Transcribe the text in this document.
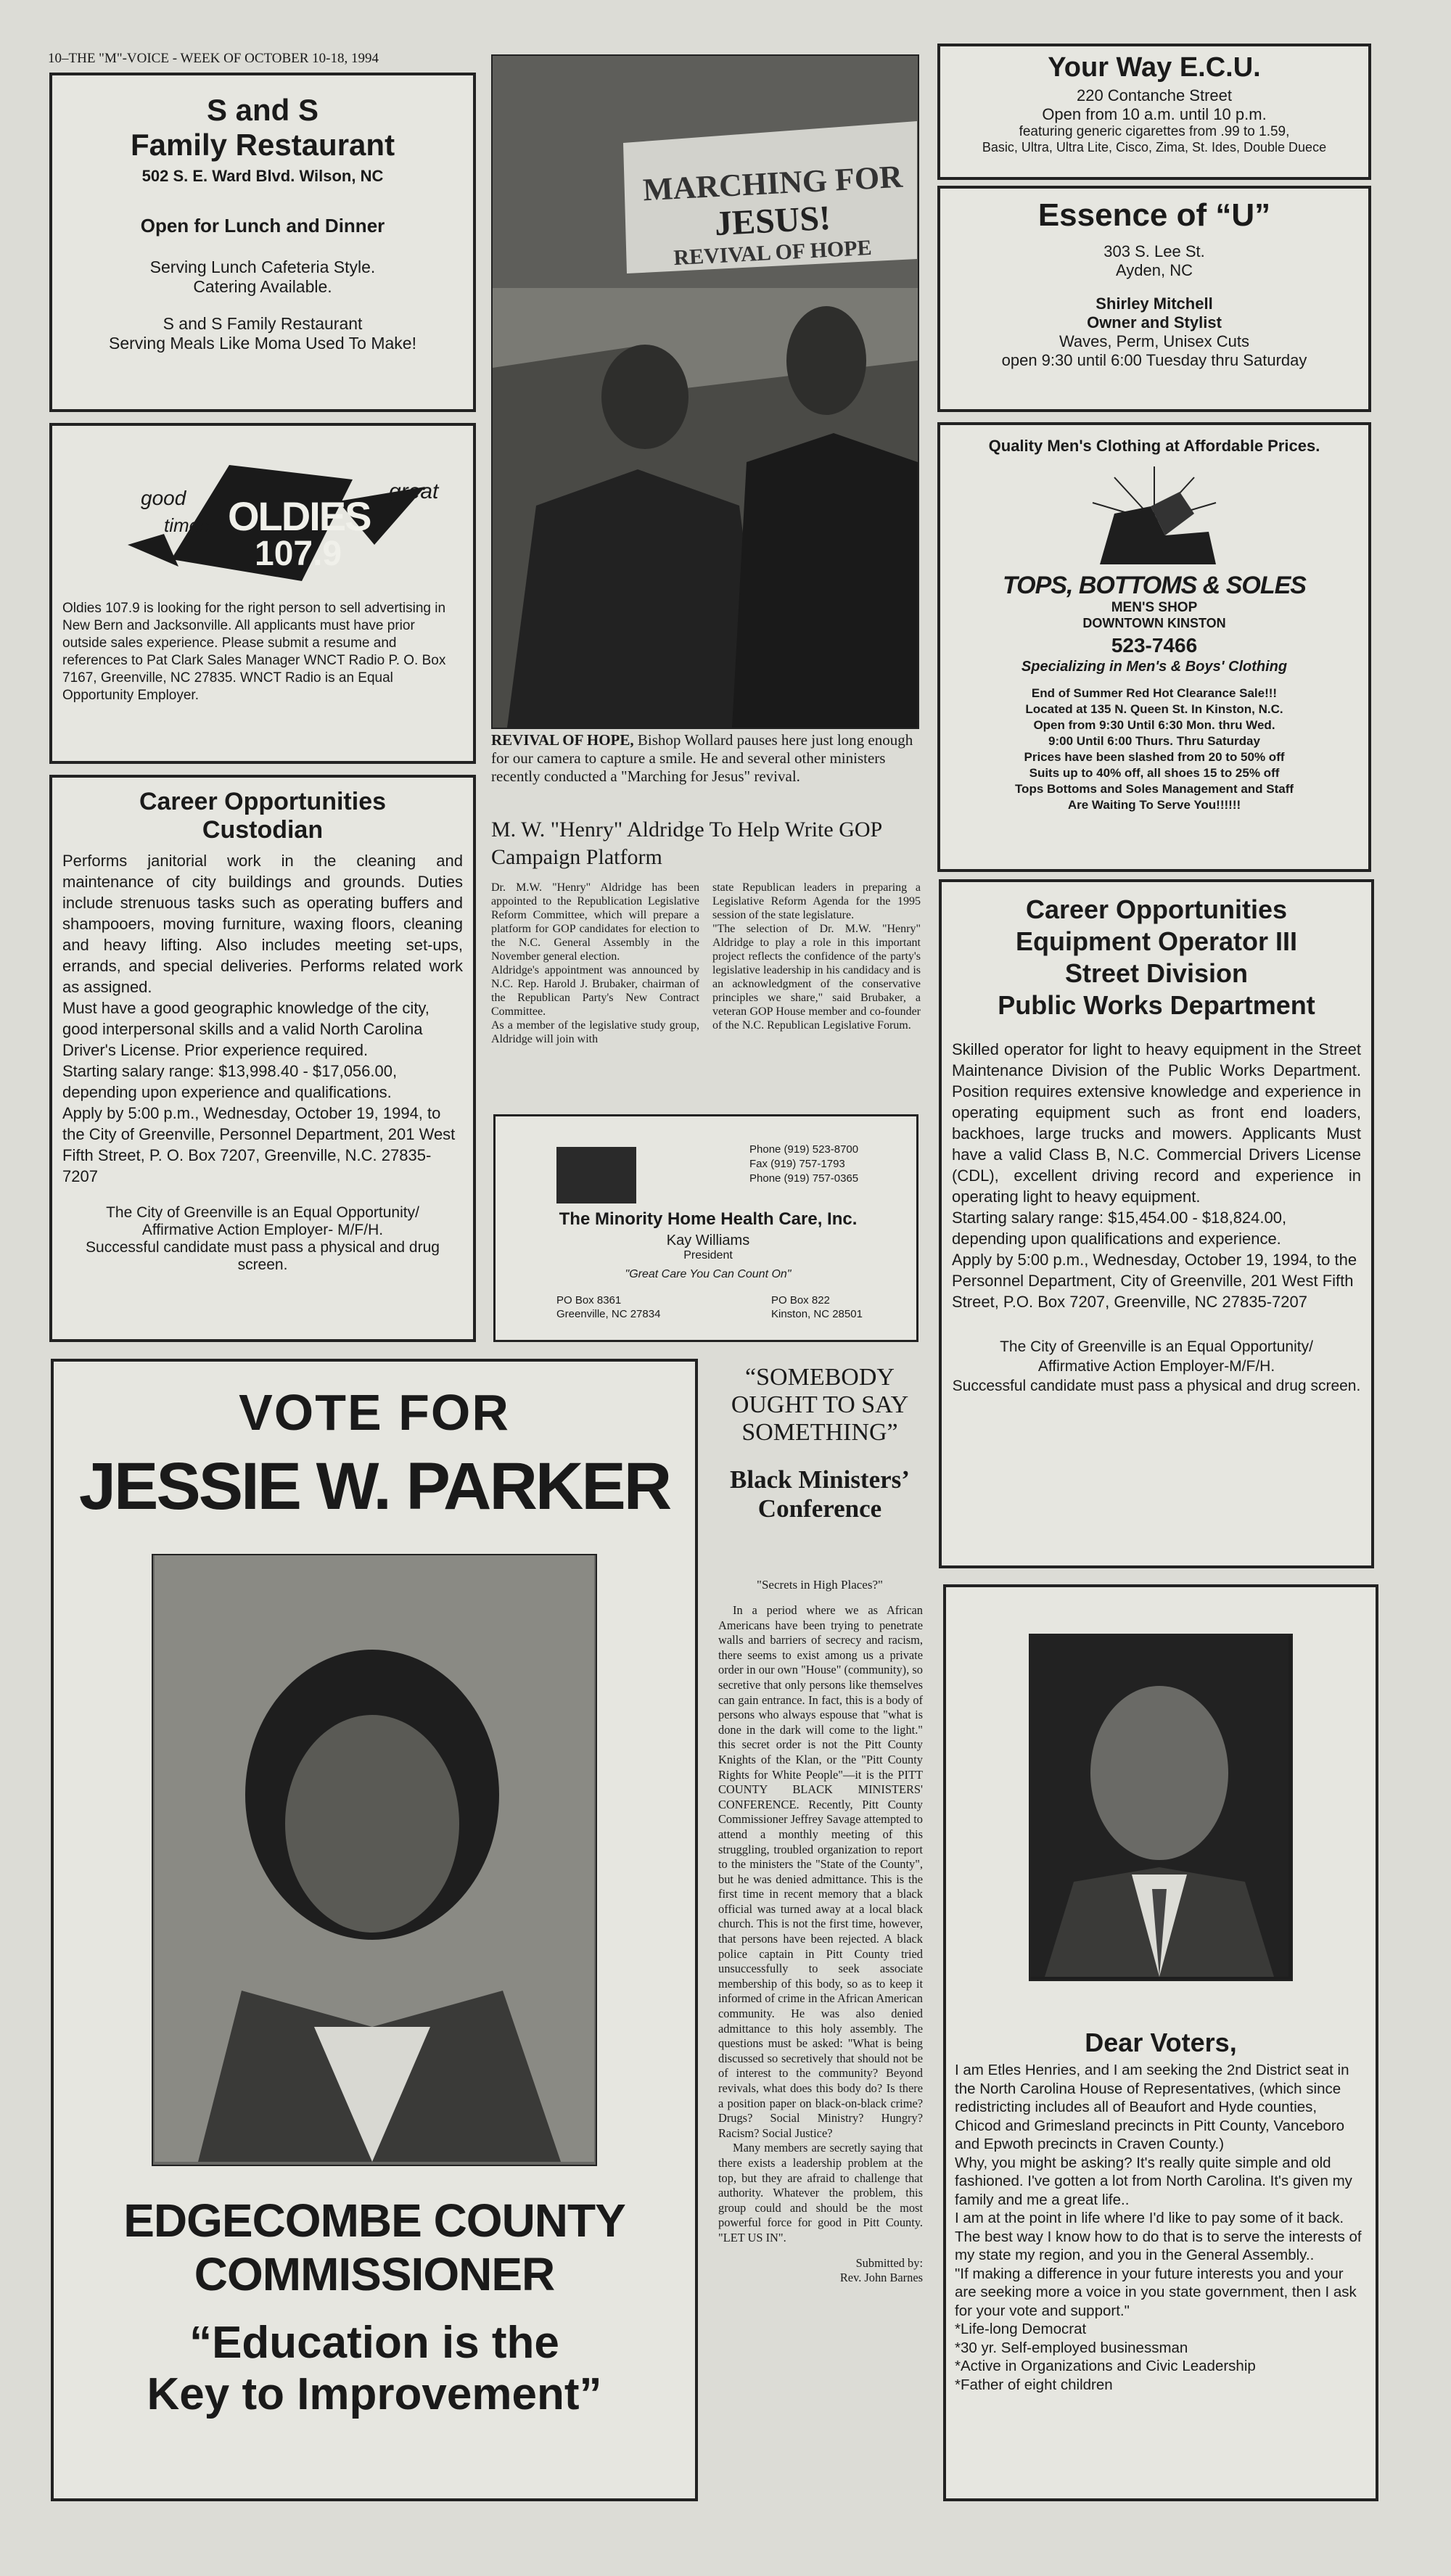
10–THE "M"-VOICE - WEEK OF OCTOBER 10-18, 1994
S and S
Family Restaurant
502 S. E. Ward Blvd. Wilson, NC
Open for Lunch and Dinner
Serving Lunch Cafeteria Style.
Catering Available.
S and S Family Restaurant
Serving Meals Like Moma Used To Make!
good
times OLDIES
great
107.9

Oldies 107.9 is looking for the right person to sell advertising in New Bern and Jacksonville. All applicants must have prior outside sales experience. Please submit a resume and references to Pat Clark Sales Manager WNCT Radio P. O. Box 7167, Greenville, NC 27835. WNCT Radio is an Equal Opportunity Employer.

Career Opportunities
Custodian

Performs janitorial work in the cleaning and maintenance of city buildings and grounds. Duties include strenuous tasks such as operating buffers and shampooers, moving furniture, waxing floors, cleaning and heavy lifting. Also includes meeting set-ups, errands, and special deliveries. Performs related work as assigned.

Must have a good geographic knowledge of the city, good interpersonal skills and a valid North Carolina Driver's License. Prior experience required.

Starting salary range: $13,998.40 - $17,056.00, depending upon experience and qualifications.

Apply by 5:00 p.m., Wednesday, October 19, 1994, to the City of Greenville, Personnel Department, 201 West Fifth Street, P. O. Box 7207, Greenville, N.C. 27835-7207

The City of Greenville is an Equal Opportunity/
Affirmative Action Employer- M/F/H.
Successful candidate must pass a physical and drug screen.
VOTE FOR
JESSIE W. PARKER
EDGECOMBE COUNTY
COMMISSIONER
“Education is the
Key to Improvement”
MARCHING FOR
JESUS!
REVIVAL OF HOPE
REVIVAL OF HOPE, Bishop Wollard pauses here just long enough for our camera to capture a smile. He and several other ministers recently conducted a "Marching for Jesus" revival.
M. W. "Henry" Aldridge To Help Write GOP Campaign Platform

Dr. M.W. "Henry" Aldridge has been appointed to the Republication Legislative Reform Committee, which will prepare a platform for GOP candidates for election to the N.C. General Assembly in the November general election.
Aldridge's appointment was announced by N.C. Rep. Harold J. Brubaker, chairman of the Republican Party's New Contract Committee.
As a member of the legislative study group, Aldridge will join with

state Republican leaders in preparing a Legislative Reform Agenda for the 1995 session of the state legislature.
"The selection of Dr. M.W. "Henry" Aldridge to play a role in this important project reflects the confidence of the party's legislative leadership in his candidacy and is an acknowledgment of the conservative principles we share," said Brubaker, a veteran GOP House member and co-founder of the N.C. Republican Legislative Forum.

Phone (919) 523-8700
Fax (919) 757-1793
Phone (919) 757-0365
The Minority Home Health Care, Inc.
Kay Williams
President
"Great Care You Can Count On"
PO Box 8361
Greenville, NC 27834
PO Box 822
Kinston, NC 28501
“SOMEBODY OUGHT TO SAY SOMETHING”
Black Ministers’ Conference
"Secrets in High Places?"

In a period where we as African Americans have been trying to penetrate walls and barriers of secrecy and racism, there seems to exist among us a private order in our own "House" (community), so secretive that only persons like themselves can gain entrance. In fact, this is a body of persons who always espouse that "what is done in the dark will come to the light." this secret order is not the Pitt County Knights of the Klan, or the "Pitt County Rights for White People"—it is the PITT COUNTY BLACK MINISTERS' CONFERENCE. Recently, Pitt County Commissioner Jeffrey Savage attempted to attend a monthly meeting of this struggling, troubled organization to report to the ministers the "State of the County", but he was denied admittance. This is the first time in recent memory that a black official was turned away at a local black church. This is not the first time, however, that persons have been rejected. A black police captain in Pitt County tried unsuccessfully to seek associate membership of this body, so as to keep it informed of crime in the African American community. He was also denied admittance to this holy assembly. The questions must be asked: "What is being discussed so secretively that should not be of interest to the community? Beyond revivals, what does this body do? Is there a position paper on black-on-black crime? Drugs? Social Ministry? Hungry? Racism? Social Justice?

Many members are secretly saying that there exists a leadership problem at the top, but they are afraid to challenge that authority. Whatever the problem, this group could and should be the most powerful force for good in Pitt County. "LET US IN".

Submitted by:
Rev. John Barnes
Your Way E.C.U.
220 Contanche Street
Open from 10 a.m. until 10 p.m.
featuring generic cigarettes from .99 to 1.59,
Basic, Ultra, Ultra Lite, Cisco, Zima, St. Ides, Double Duece
Essence of “U”
303 S. Lee St.
Ayden, NC
Shirley Mitchell
Owner and Stylist
Waves, Perm, Unisex Cuts
open 9:30 until 6:00 Tuesday thru Saturday
Quality Men's Clothing at Affordable Prices.
TOPS, BOTTOMS & SOLES
MEN'S SHOP
DOWNTOWN KINSTON
523-7466
Specializing in Men's & Boys' Clothing
End of Summer Red Hot Clearance Sale!!!
Located at 135 N. Queen St. In Kinston, N.C.
Open from 9:30 Until 6:30 Mon. thru Wed.
9:00 Until 6:00 Thurs. Thru Saturday
Prices have been slashed from 20 to 50% off
Suits up to 40% off, all shoes 15 to 25% off
Tops Bottoms and Soles Management and Staff
Are Waiting To Serve You!!!!!!
Career Opportunities
Equipment Operator III
Street Division
Public Works Department

Skilled operator for light to heavy equipment in the Street Maintenance Division of the Public Works Department. Position requires extensive knowledge and experience in operating equipment such as front end loaders, backhoes, large trucks and mowers. Applicants Must have a valid Class B, N.C. Commercial Drivers License (CDL), excellent driving record and experience in operating light to heavy equipment.

Starting salary range: $15,454.00 - $18,824.00, depending upon qualifications and experience.

Apply by 5:00 p.m., Wednesday, October 19, 1994, to the Personnel Department, City of Greenville, 201 West Fifth Street, P.O. Box 7207, Greenville, NC 27835-7207

The City of Greenville is an Equal Opportunity/
Affirmative Action Employer-M/F/H.
Successful candidate must pass a physical and drug screen.
Dear Voters,

I am Etles Henries, and I am seeking the 2nd District seat in the North Carolina House of Representatives, (which since redistricting includes all of Beaufort and Hyde counties, Chicod and Grimesland precincts in Pitt County, Vanceboro and Epwoth precincts in Craven County.)

Why, you might be asking? It's really quite simple and old fashioned. I've gotten a lot from North Carolina. It's given my family and me a great life..

I am at the point in life where I'd like to pay some of it back. The best way I know how to do that is to serve the interests of my state my region, and you in the General Assembly..

"If making a difference in your future interests you and your are seeking more a voice in you state government, then I ask for your vote and support."

*Life-long Democrat
*30 yr. Self-employed businessman
*Active in Organizations and Civic Leadership
*Father of eight children
